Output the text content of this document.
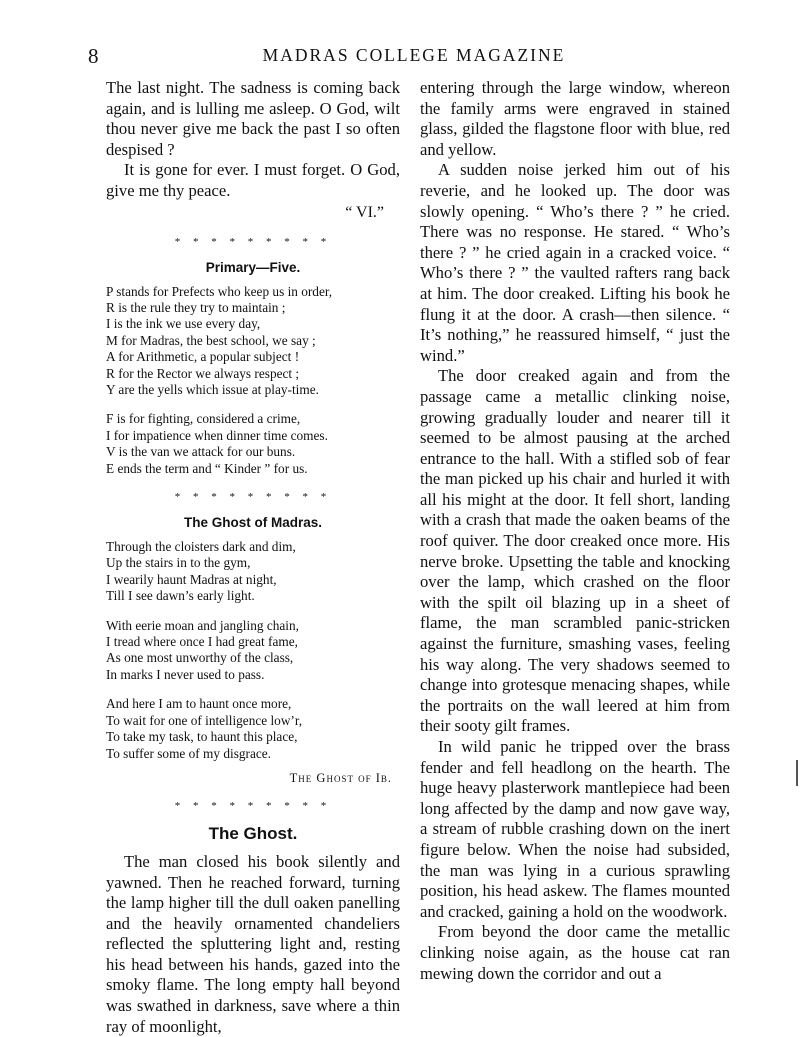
8	MADRAS COLLEGE MAGAZINE

The last night. The sadness is coming back again, and is lulling me asleep. O God, wilt thou never give me back the past I so often despised ?

It is gone for ever. I must forget. O God, give me thy peace.

“ VI.”
* * * * * * * * *
Primary—Five.
P stands for Prefects who keep us in order,
R is the rule they try to maintain ;
I is the ink we use every day,
M for Madras, the best school, we say ;
A for Arithmetic, a popular subject !
R for the Rector we always respect ;
Y are the yells which issue at play-time.
F is for fighting, considered a crime,
I for impatience when dinner time comes.
V is the van we attack for our buns.
E ends the term and “ Kinder ” for us.
* * * * * * * * *
The Ghost of Madras.
Through the cloisters dark and dim,
Up the stairs in to the gym,
I wearily haunt Madras at night,
Till I see dawn’s early light.
With eerie moan and jangling chain,
I tread where once I had great fame,
As one most unworthy of the class,
In marks I never used to pass.
And here I am to haunt once more,
To wait for one of intelligence low’r,
To take my task, to haunt this place,
To suffer some of my disgrace.
The Ghost of Ib.
* * * * * * * * *
The Ghost.

The man closed his book silently and yawned. Then he reached forward, turning the lamp higher till the dull oaken panelling and the heavily ornamented chandeliers reflected the spluttering light and, resting his head between his hands, gazed into the smoky flame. The long empty hall beyond was swathed in darkness, save where a thin ray of moonlight,

entering through the large window, whereon the family arms were engraved in stained glass, gilded the flagstone floor with blue, red and yellow.

A sudden noise jerked him out of his reverie, and he looked up. The door was slowly opening. “ Who’s there ? ” he cried. There was no response. He stared. “ Who’s there ? ” he cried again in a cracked voice. “ Who’s there ? ” the vaulted rafters rang back at him. The door creaked. Lifting his book he flung it at the door. A crash—then silence. “ It’s nothing,” he reassured himself, “ just the wind.”

The door creaked again and from the passage came a metallic clinking noise, growing gradually louder and nearer till it seemed to be almost pausing at the arched entrance to the hall. With a stifled sob of fear the man picked up his chair and hurled it with all his might at the door. It fell short, landing with a crash that made the oaken beams of the roof quiver. The door creaked once more. His nerve broke. Upsetting the table and knocking over the lamp, which crashed on the floor with the spilt oil blazing up in a sheet of flame, the man scrambled panic-stricken against the furniture, smashing vases, feeling his way along. The very shadows seemed to change into grotesque menacing shapes, while the portraits on the wall leered at him from their sooty gilt frames.

In wild panic he tripped over the brass fender and fell headlong on the hearth. The huge heavy plasterwork mantlepiece had been long affected by the damp and now gave way, a stream of rubble crashing down on the inert figure below. When the noise had subsided, the man was lying in a curious sprawling position, his head askew. The flames mounted and cracked, gaining a hold on the woodwork.

From beyond the door came the metallic clinking noise again, as the house cat ran mewing down the corridor and out a
